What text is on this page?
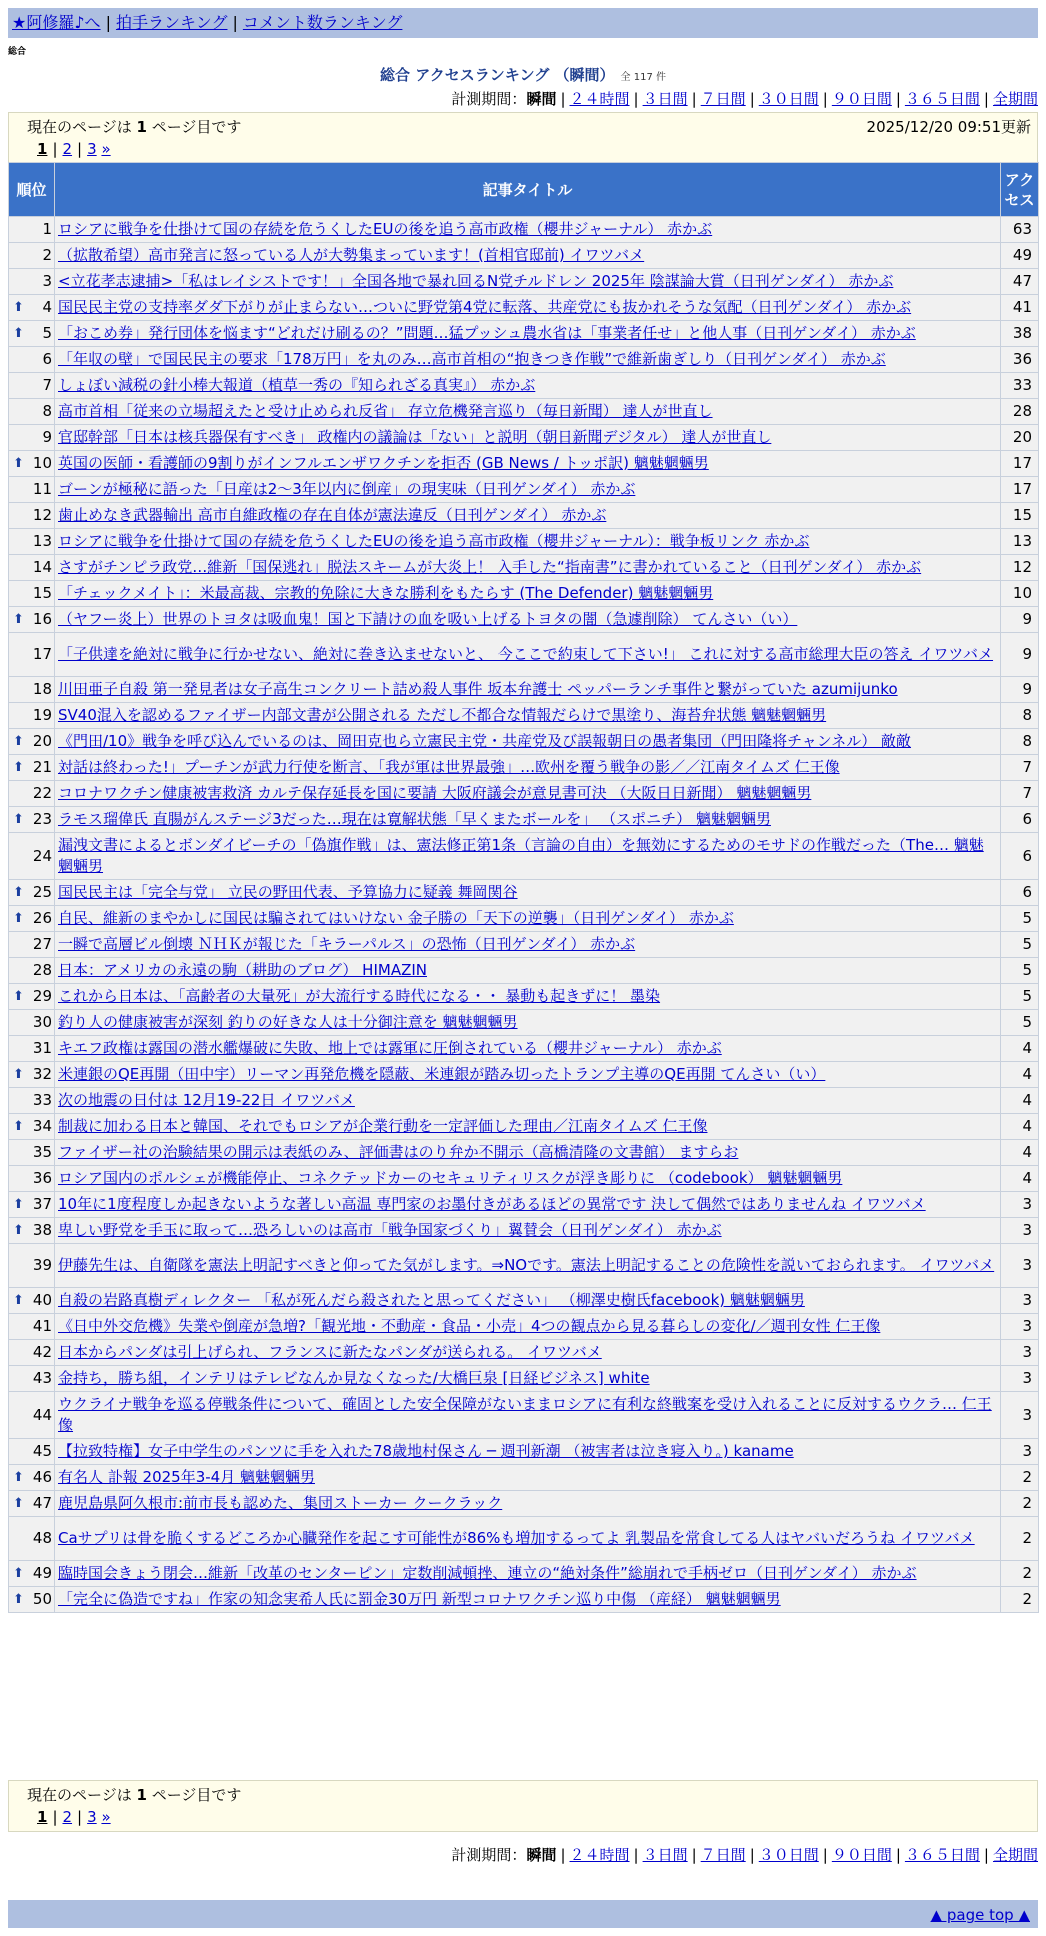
★阿修羅♪へ | 拍手ランキング | コメント数ランキング
総合
総合 アクセスランキング （瞬間） 全 117 件
計測期間：瞬間 | ２４時間 | ３日間 | ７日間 | ３０日間 | ９０日間 | ３６５日間 | 全期間
現在のページは 1 ページ目です	2025/12/20 09:51更新
1 | 2 | 3 »
順位	記事タイトル	アクセス
1	ロシアに戦争を仕掛けて国の存続を危うくしたEUの後を追う高市政権（櫻井ジャーナル） 赤かぶ	63
2	（拡散希望）高市発言に怒っている人が大勢集まっています！(首相官邸前) イワツバメ	49
3	<立花孝志逮捕>「私はレイシストです！」全国各地で暴れ回るN党チルドレン 2025年 陰謀論大賞（日刊ゲンダイ） 赤かぶ	47

⬆ 4	国民民主党の支持率ダダ下がりが止まらない…ついに野党第4党に転落、共産党にも抜かれそうな気配（日刊ゲンダイ） 赤かぶ	41

⬆ 5	「おこめ券」発行団体を悩ます“どれだけ刷るの？”問題…猛プッシュ農水省は「事業者任せ」と他人事（日刊ゲンダイ） 赤かぶ	38
6	「年収の壁」で国民民主の要求「178万円」を丸のみ…高市首相の“抱きつき作戦”で維新歯ぎしり（日刊ゲンダイ） 赤かぶ	36
7	しょぼい減税の針小棒大報道（植草一秀の『知られざる真実』） 赤かぶ	33
8	高市首相「従来の立場超えたと受け止められ反省」 存立危機発言巡り（毎日新聞） 達人が世直し	28
9	官邸幹部「日本は核兵器保有すべき」 政権内の議論は「ない」と説明（朝日新聞デジタル） 達人が世直し	20

⬆ 10	英国の医師・看護師の9割りがインフルエンザワクチンを拒否 (GB News / トッポ訳) 魑魅魍魎男	17
11	ゴーンが極秘に語った「日産は2～3年以内に倒産」の現実味（日刊ゲンダイ） 赤かぶ	17
12	歯止めなき武器輸出 高市自維政権の存在自体が憲法違反（日刊ゲンダイ） 赤かぶ	15
13	ロシアに戦争を仕掛けて国の存続を危うくしたEUの後を追う高市政権（櫻井ジャーナル）：戦争板リンク 赤かぶ	13
14	さすがチンピラ政党…維新「国保逃れ」脱法スキームが大炎上！ 入手した“指南書”に書かれていること（日刊ゲンダイ） 赤かぶ	12
15	「チェックメイト」：米最高裁、宗教的免除に大きな勝利をもたらす (The Defender) 魑魅魍魎男	10

⬆ 16	（ヤフー炎上）世界のトヨタは吸血鬼！国と下請けの血を吸い上げるトヨタの闇（急遽削除） てんさい（い）	9
17	「子供達を絶対に戦争に行かせない、絶対に巻き込ませないと、 今ここで約束して下さい!」 これに対する高市総理大臣の答え イワツバメ	9
18	川田亜子自殺 第一発見者は女子高生コンクリート詰め殺人事件 坂本弁護士 ペッパーランチ事件と繋がっていた azumijunko	9
19	SV40混入を認めるファイザー内部文書が公開される ただし不都合な情報だらけで黒塗り、海苔弁状態 魑魅魍魎男	8

⬆ 20	《門田/10》戦争を呼び込んでいるのは、岡田克也ら立憲民主党・共産党及び誤報朝日の愚者集団（門田隆将チャンネル） 敵敵	8

⬆ 21	対話は終わった!」プーチンが武力行使を断言、「我が軍は世界最強」…欧州を覆う戦争の影／／江南タイムズ 仁王像	7
22	コロナワクチン健康被害救済 カルテ保存延長を国に要請 大阪府議会が意見書可決 （大阪日日新聞） 魑魅魍魎男	7

⬆ 23	ラモス瑠偉氏 直腸がんステージ3だった…現在は寛解状態「早くまたボールを」 （スポニチ） 魑魅魍魎男	6
24	漏洩文書によるとボンダイビーチの「偽旗作戦」は、憲法修正第1条（言論の自由）を無効にするためのモサドの作戦だった（The… 魑魅魍魎男	6

⬆ 25	国民民主は「完全与党」 立民の野田代表、予算協力に疑義 舞岡関谷	6

⬆ 26	自民、維新のまやかしに国民は騙されてはいけない 金子勝の「天下の逆襲」（日刊ゲンダイ） 赤かぶ	5
27	一瞬で高層ビル倒壊 ＮＨＫが報じた「キラーパルス」の恐怖（日刊ゲンダイ） 赤かぶ	5
28	日本：アメリカの永遠の駒（耕助のブログ） HIMAZIN	5

⬆ 29	これから日本は、「高齢者の大量死」が大流行する時代になる・・ 暴動も起きずに！ 墨染	5
30	釣り人の健康被害が深刻 釣りの好きな人は十分御注意を 魑魅魍魎男	5
31	キエフ政権は露国の潜水艦爆破に失敗、地上では露軍に圧倒されている（櫻井ジャーナル） 赤かぶ	4

⬆ 32	米連銀のQE再開（田中宇）リーマン再発危機を隠蔽、米連銀が踏み切ったトランプ主導のQE再開 てんさい（い）	4
33	次の地震の日付は 12月19-22日 イワツバメ	4

⬆ 34	制裁に加わる日本と韓国、それでもロシアが企業行動を一定評価した理由／江南タイムズ 仁王像	4
35	ファイザー社の治験結果の開示は表紙のみ、評価書はのり弁か不開示（高橋清隆の文書館） ますらお	4
36	ロシア国内のポルシェが機能停止、コネクテッドカーのセキュリティリスクが浮き彫りに （codebook） 魑魅魍魎男	4

⬆ 37	10年に1度程度しか起きないような著しい高温 専門家のお墨付きがあるほどの異常です 決して偶然ではありませんね イワツバメ	3

⬆ 38	卑しい野党を手玉に取って…恐ろしいのは高市「戦争国家づくり」翼賛会（日刊ゲンダイ） 赤かぶ	3
39	伊藤先生は、自衛隊を憲法上明記すべきと仰ってた気がします。⇒NOです。憲法上明記することの危険性を説いておられます。 イワツバメ	3

⬆ 40	自殺の岩路真樹ディレクター 「私が死んだら殺されたと思ってください」 （柳澤史樹氏facebook) 魑魅魍魎男	3
41	《日中外交危機》失業や倒産が急増?「観光地・不動産・食品・小売」4つの観点から見る暮らしの変化/／週刊女性 仁王像	3
42	日本からパンダは引上げられ、フランスに新たなパンダが送られる。 イワツバメ	3
43	金持ち，勝ち組，インテリはテレビなんか見なくなった/大橋巨泉 [日経ビジネス] white	3
44	ウクライナ戦争を巡る停戦条件について、確固とした安全保障がないままロシアに有利な終戦案を受け入れることに反対するウクラ… 仁王像	3
45	【拉致特権】女子中学生のパンツに手を入れた78歳地村保さん ─ 週刊新潮 （被害者は泣き寝入り。) kaname	3

⬆ 46	有名人 訃報 2025年3-4月 魑魅魍魎男	2

⬆ 47	鹿児島県阿久根市:前市長も認めた、集団ストーカー クークラック	2
48	Caサプリは骨を脆くするどころか心臓発作を起こす可能性が86%も増加するってよ 乳製品を常食してる人はヤバいだろうね イワツバメ	2

⬆ 49	臨時国会きょう閉会…維新「改革のセンターピン」定数削減頓挫、連立の“絶対条件”総崩れで手柄ゼロ（日刊ゲンダイ） 赤かぶ	2

⬆ 50	「完全に偽造ですね」作家の知念実希人氏に罰金30万円 新型コロナワクチン巡り中傷 （産経） 魑魅魍魎男	2
現在のページは 1 ページ目です
1 | 2 | 3 »
計測期間：瞬間 | ２４時間 | ３日間 | ７日間 | ３０日間 | ９０日間 | ３６５日間 | 全期間
▲ page top ▲
